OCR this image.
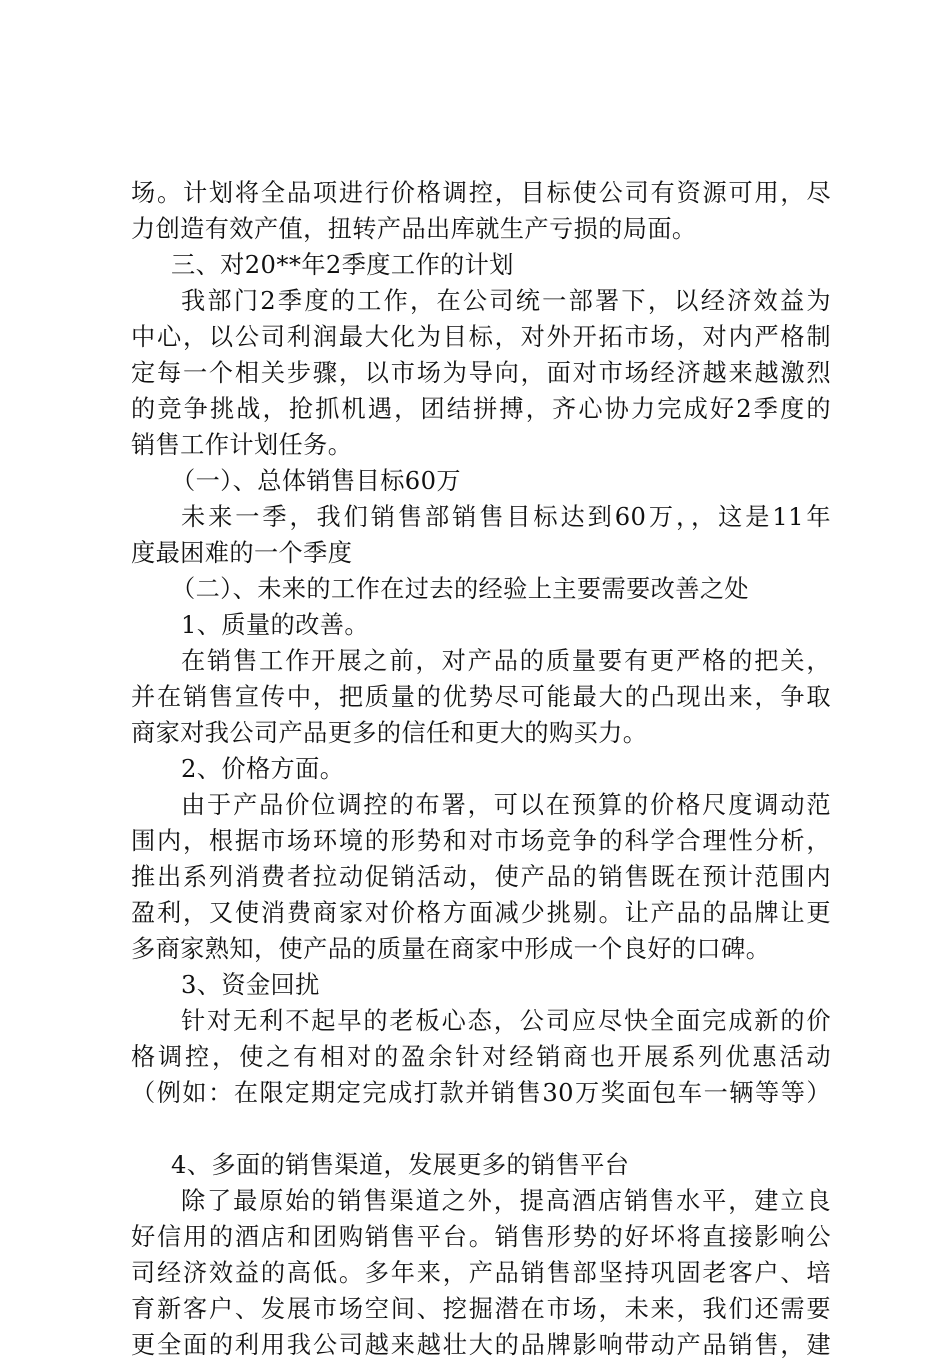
场。计划将全品项进行价格调控，目标使公司有资源可用，尽
力创造有效产值，扭转产品出库就生产亏损的局面。
三、对20**年2季度工作的计划
我部门2季度的工作，在公司统一部署下，以经济效益为
中心，以公司利润最大化为目标，对外开拓市场，对内严格制
定每一个相关步骤，以市场为导向，面对市场经济越来越激烈
的竞争挑战，抢抓机遇，团结拼搏，齐心协力完成好2季度的
销售工作计划任务。
（一）、总体销售目标60万
未来一季，我们销售部销售目标达到60万，，这是11年
度最困难的一个季度
（二）、未来的工作在过去的经验上主要需要改善之处
1、质量的改善。
在销售工作开展之前，对产品的质量要有更严格的把关，
并在销售宣传中，把质量的优势尽可能最大的凸现出来，争取
商家对我公司产品更多的信任和更大的购买力。
2、价格方面。
由于产品价位调控的布署，可以在预算的价格尺度调动范
围内，根据市场环境的形势和对市场竞争的科学合理性分析，
推出系列消费者拉动促销活动，使产品的销售既在预计范围内
盈利，又使消费商家对价格方面减少挑剔。让产品的品牌让更
多商家熟知，使产品的质量在商家中形成一个良好的口碑。
3、资金回扰
针对无利不起早的老板心态，公司应尽快全面完成新的价
格调控，使之有相对的盈余针对经销商也开展系列优惠活动
（例如：在限定期定完成打款并销售30万奖面包车一辆等等）
4、多面的销售渠道，发展更多的销售平台
除了最原始的销售渠道之外，提高酒店销售水平，建立良
好信用的酒店和团购销售平台。销售形势的好坏将直接影响公
司经济效益的高低。多年来，产品销售部坚持巩固老客户、培
育新客户、发展市场空间、挖掘潜在市场，未来，我们还需要
更全面的利用我公司越来越壮大的品牌影响带动产品销售，建
